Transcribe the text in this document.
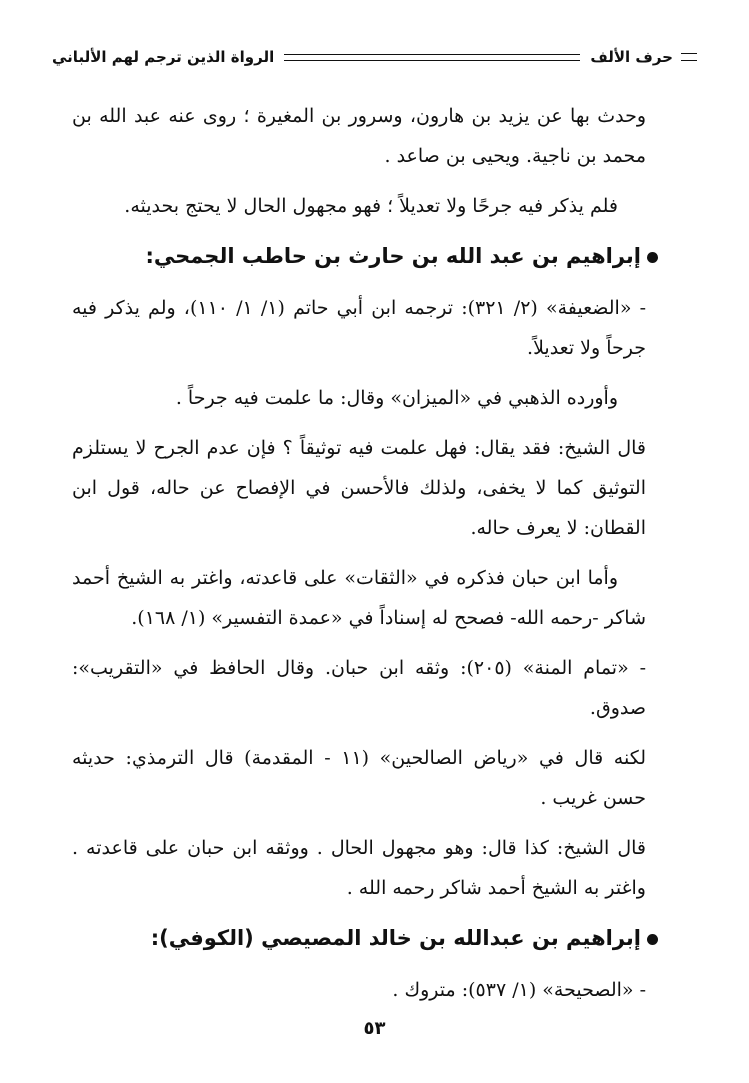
حرف الألف
الرواة الذين ترجم لهم الألباني

وحدث بها عن يزيد بن هارون، وسرور بن المغيرة ؛ روى عنه عبد الله بن محمد بن ناجية. ويحيى بن صاعد .

فلم يذكر فيه جرحًا ولا تعديلاً ؛ فهو مجهول الحال لا يحتج بحديثه.

إبراهيم بن عبد الله بن حارث بن حاطب الجمحي:

- «الضعيفة» (٢/ ٣٢١): ترجمه ابن أبي حاتم (١/ ١/ ١١٠)، ولم يذكر فيه جرحاً ولا تعديلاً.

وأورده الذهبي في «الميزان» وقال: ما علمت فيه جرحاً .

قال الشيخ: فقد يقال: فهل علمت فيه توثيقاً ؟ فإن عدم الجرح لا يستلزم التوثيق كما لا يخفى، ولذلك فالأحسن في الإفصاح عن حاله، قول ابن القطان: لا يعرف حاله.

وأما ابن حبان فذكره في «الثقات» على قاعدته، واغتر به الشيخ أحمد شاكر -رحمه الله- فصحح له إسناداً في «عمدة التفسير» (١/ ١٦٨).

- «تمام المنة» (٢٠٥): وثقه ابن حبان. وقال الحافظ في «التقريب»: صدوق.

لكنه قال في «رياض الصالحين» (١١ - المقدمة) قال الترمذي: حديثه حسن غريب .

قال الشيخ: كذا قال: وهو مجهول الحال . ووثقه ابن حبان على قاعدته . واغتر به الشيخ أحمد شاكر رحمه الله .

إبراهيم بن عبدالله بن خالد المصيصي (الكوفي):

- «الصحيحة» (١/ ٥٣٧): متروك .

٥٣
